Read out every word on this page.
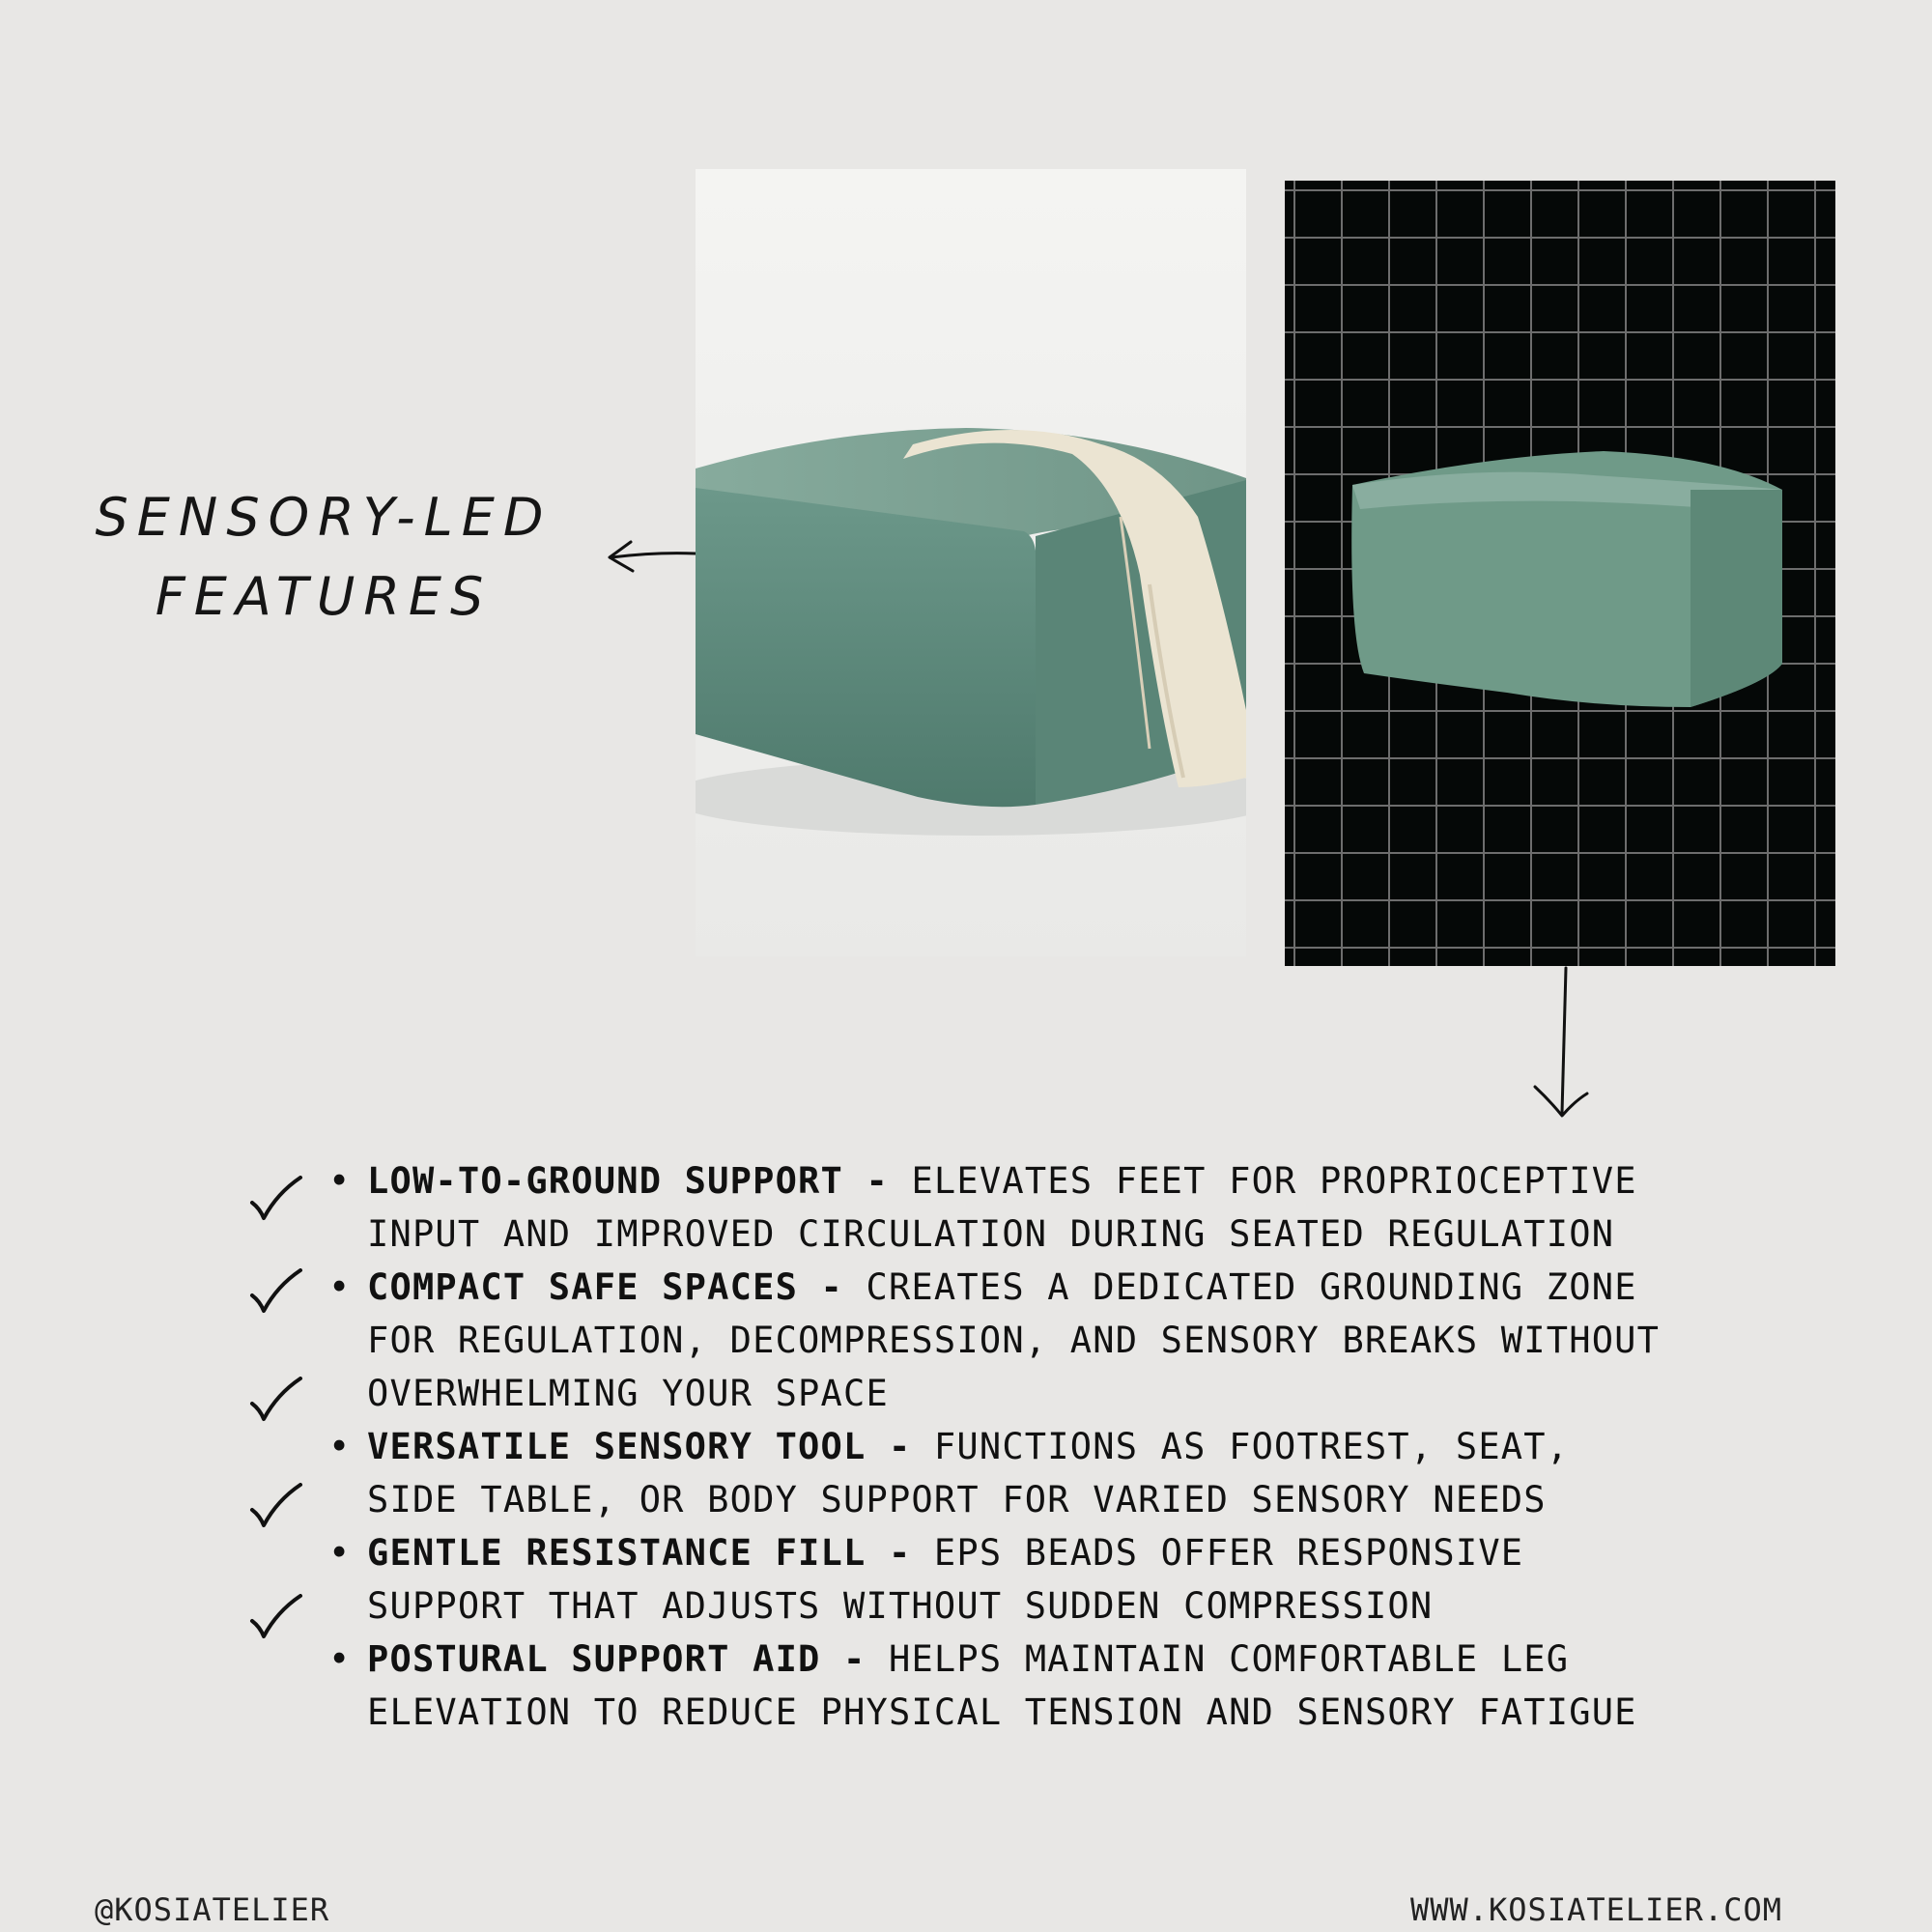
SENSORY-LED
FEATURES
• LOW-TO-GROUND SUPPORT - ELEVATES FEET FOR PROPRIOCEPTIVE
INPUT AND IMPROVED CIRCULATION DURING SEATED REGULATION
• COMPACT SAFE SPACES - CREATES A DEDICATED GROUNDING ZONE
FOR REGULATION, DECOMPRESSION, AND SENSORY BREAKS WITHOUT
OVERWHELMING YOUR SPACE
• VERSATILE SENSORY TOOL - FUNCTIONS AS FOOTREST, SEAT,
SIDE TABLE, OR BODY SUPPORT FOR VARIED SENSORY NEEDS
• GENTLE RESISTANCE FILL - EPS BEADS OFFER RESPONSIVE
SUPPORT THAT ADJUSTS WITHOUT SUDDEN COMPRESSION
• POSTURAL SUPPORT AID - HELPS MAINTAIN COMFORTABLE LEG
ELEVATION TO REDUCE PHYSICAL TENSION AND SENSORY FATIGUE
@KOSIATELIER	WWW.KOSIATELIER.COM
